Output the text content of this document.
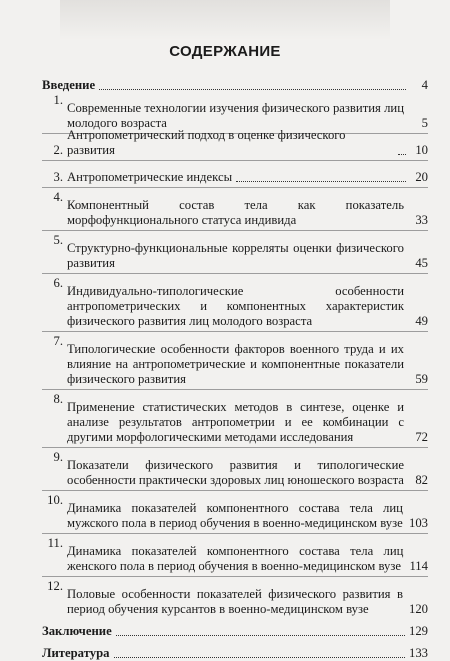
СОДЕРЖАНИЕ
Введение	4
1.
Современные технологии изучения физического развития лиц молодого возраста	5
2.
Антропометрический подход в оценке физического развития	10
3. Антропометрические индексы	20
4.
Компонентный состав тела как показатель морфофункционального статуса индивида	33
5.
Структурно-функциональные корреляты оценки физического развития	45
6.
Индивидуально-типологические особенности антропометрических и компонентных характеристик физического развития лиц молодого возраста	49
7.
Типологические особенности факторов военного труда и их влияние на антропометрические и компонентные показатели физического развития	59
8.
Применение статистических методов в синтезе, оценке и анализе результатов антропометрии и ее комбинации с другими морфологическими методами исследования	72
9.
Показатели физического развития и типологические особенности практически здоровых лиц юношеского возраста 82
10.
Динамика показателей компонентного состава тела лиц мужского пола в период обучения в военно-медицинском вузе 103
11.
Динамика показателей компонентного состава тела лиц женского пола в период обучения в военно-медицинском вузе 114
12.
Половые особенности показателей физического развития в период обучения курсантов в военно-медицинском вузе	120
Заключение	129
Литература	133
